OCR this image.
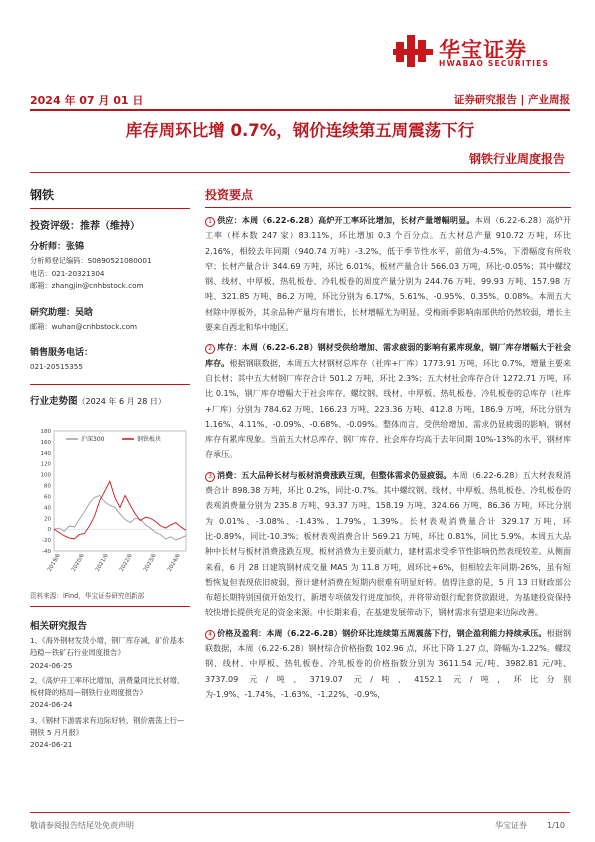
华宝证券
HWABAO SECURITIES
2024 年 07 月 01 日	证券研究报告 | 产业周报
库存周环比增 0.7%，钢价连续第五周震荡下行
钢铁行业周度报告
钢铁
投资评级：推荐（维持）
分析师：张锦
分析师登记编码：S0890521080001
电话：021-20321304
邮箱：zhangjin@cnhbstock.com
研究助理：吴晗
邮箱：wuhan@cnhbstock.com
销售服务电话：
021-20515355
行业走势图（2024 年 6 月 28 日）
180
160
140
120
100
80
60
40
20
0
-20
-40
2019/6 2020/6 2021/6 2022/6 2023/6 2024/6
沪深300	钢铁板块
资料来源：iFind，华宝证券研究创新部
相关研究报告
1、《海外钢材发货小增，钢厂库存减，矿价基本趋稳—铁矿石行业周度报告》
2024-06-25
2、《高炉开工率环比增加，消费量同比长材增、板材降的格局—钢铁行业周度报告》
2024-06-24
3、《钢材下游需求有边际好转，钢价震荡上行—钢铁 5 月月报》
2024-06-21
投资要点
1 供应：本周（6.22-6.28）高炉开工率环比增加，长材产量增幅明显。本周（6.22-6.28）高炉开工率（样本数 247 家）83.11%，环比增加 0.3 个百分点。五大材总产量 910.72 万吨，环比 2.16%，相较去年同期（940.74 万吨）-3.2%，低于季节性水平，前值为-4.5%，下滑幅度有所收窄；长材产量合计 344.69 万吨，环比 6.01%，板材产量合计 566.03 万吨，环比-0.05%；其中螺纹钢、线材、中厚板、热轧板卷、冷轧板卷的周度产量分别为 244.76 万吨、99.93 万吨、157.98 万吨、321.85 万吨、86.2 万吨，环比分别为 6.17%、5.61%、-0.95%、0.35%、0.08%。本周五大材除中厚板外，其余品种产量均有增长，长材增幅尤为明显。受梅雨季影响南部供给仍然较弱，增长主要来自西北和华中地区。
2 库存：本周（6.22-6.28）钢材受供给增加、需求疲弱的影响有累库现象，钢厂库存增幅大于社会库存。根据钢联数据，本周五大材钢材总库存（社库+厂库）1773.91 万吨，环比 0.7%，增量主要来自长材；其中五大材钢厂库存合计 501.2 万吨，环比 2.3%；五大材社会库存合计 1272.71 万吨，环比 0.1%，钢厂库存增幅大于社会库存。螺纹钢、线材、中厚板、热轧板卷、冷轧板卷的总库存（社库+厂库）分别为 784.62 万吨、166.23 万吨、223.36 万吨、412.8 万吨、186.9 万吨，环比分别为 1.16%、4.11%、-0.09%、-0.68%、-0.09%。整体而言，受供给增加、需求仍显疲弱的影响，钢材库存有累库现象。当前五大材总库存、钢厂库存、社会库存均高于去年同期 10%-13%的水平，钢材库存承压。
3 消费：五大品种长材与板材消费涨跌互现，但整体需求仍显疲弱。本周（6.22-6.28）五大材表观消费合计 898.38 万吨，环比 0.2%，同比-0.7%。其中螺纹钢、线材、中厚板、热轧板卷、冷轧板卷的表观消费量分别为 235.8 万吨、93.37 万吨、158.19 万吨、324.66 万吨、86.36 万吨，环比分别为 0.01%、-3.08%、-1.43%、1.79%、1.39%。长材表观消费量合计 329.17 万吨，环比-0.89%，同比-10.3%；板材表观消费合计 569.21 万吨，环比 0.81%，同比 5.9%。本周五大品种中长材与板材消费涨跌互现，板材消费为主要贡献力，建材需求受季节性影响仍然表现较差。从侧面来看，6 月 28 日建筑钢材成交量 MA5 为 11.8 万吨，周环比+6%，但相较去年同期-26%，虽有短暂恢复但表现依旧疲弱，预计建材消费在短期内很难有明显好转。值得注意的是，5 月 13 日财政部公布超长期特别国债开始发行，新增专项债发行进度加快，并将带动银行配套贷款跟进，为基建投资保持较快增长提供充足的资金来源。中长期来看，在基建发展带动下，钢材需求有望迎来边际改善。
4 价格及盈利：本周（6.22-6.28）钢价环比连续第五周震荡下行，钢企盈利能力持续承压。根据钢联数据，本周（6.22-6.28）钢材综合价格指数 102.96 点，环比下降 1.27 点，降幅为-1.22%。螺纹钢、线材、中厚板、热轧板卷、冷轧板卷的价格指数分别为 3611.54 元/吨、3982.81 元/吨、3737.09 元/吨、3719.07 元/吨、4152.1 元/吨，环比分别为-1.9%、-1.74%、-1.63%、-1.22%、-0.9%，
敬请参阅报告结尾处免责声明	华宝证券	1/10
